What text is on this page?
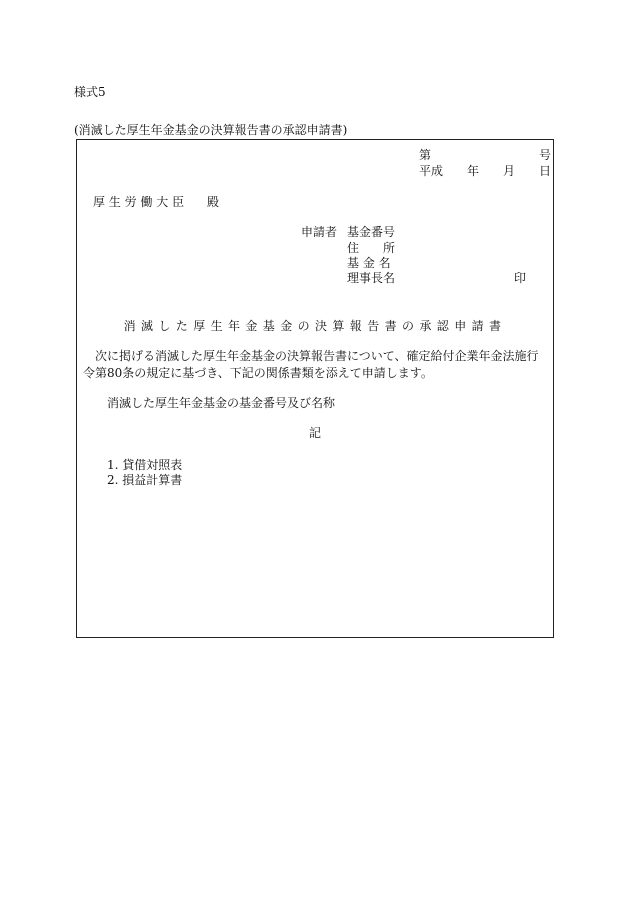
様式5
(消滅した厚生年金基金の決算報告書の承認申請書)
第	号
平成 年 月 日
厚 生 労 働 大 臣 殿
申請者 基金番号
住　　所
基 金 名
理事長名	印
消滅した厚生年金基金の決算報告書の承認申請書
次に掲げる消滅した厚生年金基金の決算報告書について、確定給付企業年金法施行令第80条の規定に基づき、下記の関係書類を添えて申請します。
消滅した厚生年金基金の基金番号及び名称
記
1. 貸借対照表
2. 損益計算書
